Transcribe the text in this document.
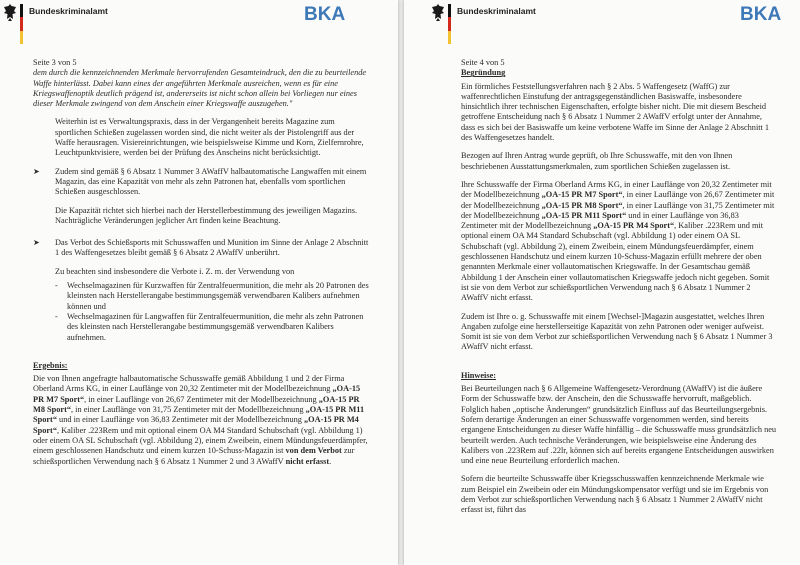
Bundeskriminalamt	BKA

Seite 3 von 5

dem durch die kennzeichnenden Merkmale hervorrufenden Gesamteindruck, den die zu beurteilende Waffe hinterlässt. Dabei kann eines der angeführten Merkmale ausreichen, wenn es für eine Kriegswaffenoptik deutlich prägend ist, andererseits ist nicht schon allein bei Vorliegen nur eines dieser Merkmale zwingend von dem Anschein einer Kriegswaffe auszugehen."

Weiterhin ist es Verwaltungspraxis, dass in der Vergangenheit bereits Magazine zum sportlichen Schießen zugelassen worden sind, die nicht weiter als der Pistolengriff aus der Waffe herausragen. Visiereinrichtungen, wie beispielsweise Kimme und Korn, Zielfernrohre, Leuchtpunktvisiere, werden bei der Prüfung des Anscheins nicht berücksichtigt.

➤ Zudem sind gemäß § 6 Absatz 1 Nummer 3 AWaffV halbautomatische Langwaffen mit einem Magazin, das eine Kapazität von mehr als zehn Patronen hat, ebenfalls vom sportlichen Schießen ausgeschlossen.

Die Kapazität richtet sich hierbei nach der Herstellerbestimmung des jeweiligen Magazins. Nachträgliche Veränderungen jeglicher Art finden keine Beachtung.

➤ Das Verbot des Schießsports mit Schusswaffen und Munition im Sinne der Anlage 2 Abschnitt 1 des Waffengesetzes bleibt gemäß § 6 Absatz 2 AWaffV unberührt.

Zu beachten sind insbesondere die Verbote i. Z. m. der Verwendung von

- Wechselmagazinen für Kurzwaffen für Zentralfeuermunition, die mehr als 20 Patronen des kleinsten nach Herstellerangabe bestimmungsgemäß verwendbaren Kalibers aufnehmen können und
- Wechselmagazinen für Langwaffen für Zentralfeuermunition, die mehr als zehn Patronen des kleinsten nach Herstellerangabe bestimmungsgemäß verwendbaren Kalibers aufnehmen.

Ergebnis:

Die von Ihnen angefragte halbautomatische Schusswaffe gemäß Abbildung 1 und 2 der Firma Oberland Arms KG, in einer Lauflänge von 20,32 Zentimeter mit der Modellbezeichnung „OA-15 PR M7 Sport“, in einer Lauflänge von 26,67 Zentimeter mit der Modellbezeichnung „OA-15 PR M8 Sport“, in einer Lauflänge von 31,75 Zentimeter mit der Modellbezeichnung „OA-15 PR M11 Sport“ und in einer Lauflänge von 36,83 Zentimeter mit der Modellbezeichnung „OA-15 PR M4 Sport“, Kaliber .223Rem und mit optional einem OA M4 Standard Schubschaft (vgl. Abbildung 1) oder einem OA SL Schubschaft (vgl. Abbildung 2), einem Zweibein, einem Mündungsfeuerdämpfer, einem geschlossenen Handschutz und einem kurzen 10-Schuss-Magazin ist von dem Verbot zur schießsportlichen Verwendung nach § 6 Absatz 1 Nummer 2 und 3 AWaffV nicht erfasst.

Bundeskriminalamt	BKA

Seite 4 von 5

Begründung

Ein förmliches Feststellungsverfahren nach § 2 Abs. 5 Waffengesetz (WaffG) zur waffenrechtlichen Einstufung der antragsgegenständlichen Basiswaffe, insbesondere hinsichtlich ihrer technischen Eigenschaften, erfolgte bisher nicht. Die mit diesem Bescheid getroffene Entscheidung nach § 6 Absatz 1 Nummer 2 AWaffV erfolgt unter der Annahme, dass es sich bei der Basiswaffe um keine verbotene Waffe im Sinne der Anlage 2 Abschnitt 1 des Waffengesetzes handelt.

Bezogen auf Ihren Antrag wurde geprüft, ob Ihre Schusswaffe, mit den von Ihnen beschriebenen Ausstattungsmerkmalen, zum sportlichen Schießen zugelassen ist.

Ihre Schusswaffe der Firma Oberland Arms KG, in einer Lauflänge von 20,32 Zentimeter mit der Modellbezeichnung „OA-15 PR M7 Sport“, in einer Lauflänge von 26,67 Zentimeter mit der Modellbezeichnung „OA-15 PR M8 Sport“, in einer Lauflänge von 31,75 Zentimeter mit der Modellbezeichnung „OA-15 PR M11 Sport“ und in einer Lauflänge von 36,83 Zentimeter mit der Modellbezeichnung „OA-15 PR M4 Sport“, Kaliber .223Rem und mit optional einem OA M4 Standard Schubschaft (vgl. Abbildung 1) oder einem OA SL Schubschaft (vgl. Abbildung 2), einem Zweibein, einem Mündungsfeuerdämpfer, einem geschlossenen Handschutz und einem kurzen 10-Schuss-Magazin erfüllt mehrere der oben genannten Merkmale einer vollautomatischen Kriegswaffe. In der Gesamtschau gemäß Abbildung 1 der Anschein einer vollautomatischen Kriegswaffe jedoch nicht gegeben. Somit ist sie von dem Verbot zur schießsportlichen Verwendung nach § 6 Absatz 1 Nummer 2 AWaffV nicht erfasst.

Zudem ist Ihre o. g. Schusswaffe mit einem [Wechsel-]Magazin ausgestattet, welches Ihren Angaben zufolge eine herstellerseitige Kapazität von zehn Patronen oder weniger aufweist. Somit ist sie von dem Verbot zur schießsportlichen Verwendung nach § 6 Absatz 1 Nummer 3 AWaffV nicht erfasst.

Hinweise:

Bei Beurteilungen nach § 6 Allgemeine Waffengesetz-Verordnung (AWaffV) ist die äußere Form der Schusswaffe bzw. der Anschein, den die Schusswaffe hervorruft, maßgeblich. Folglich haben „optische Änderungen“ grundsätzlich Einfluss auf das Beurteilungsergebnis. Sofern derartige Änderungen an einer Schusswaffe vorgenommen werden, sind bereits ergangene Entscheidungen zu dieser Waffe hinfällig – die Schusswaffe muss grundsätzlich neu beurteilt werden. Auch technische Veränderungen, wie beispielsweise eine Änderung des Kalibers von .223Rem auf .22lr, können sich auf bereits ergangene Entscheidungen auswirken und eine neue Beurteilung erforderlich machen.

Sofern die beurteilte Schusswaffe über Kriegsschusswaffen kennzeichnende Merkmale wie zum Beispiel ein Zweibein oder ein Mündungskompensator verfügt und sie im Ergebnis von dem Verbot zur schießsportlichen Verwendung nach § 6 Absatz 1 Nummer 2 AWaffV nicht erfasst ist, führt das
